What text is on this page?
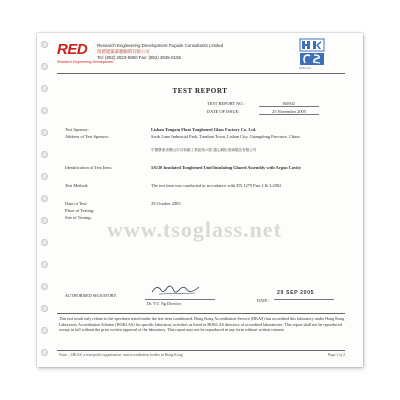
RED
Research Engineering Development
Research Engineering Development Façade Consultants Limited
瑞德建築幕牆顧問有限公司
Tel: (852) 2823-8850 Fax: (852) 2845-6155
HOKLAS
TEST REPORT
TEST REPORT NO.:	R0502
DATE OF ISSUE:	25 November 2005
Test Sponsor:	Lishan Tongxin Float Toughened Glass Factory Co. Ltd.
Address of Test Sponsor:	Sixth Lane Industrial Park, Tanshan Town, Lishan City, Guangdong Province, China.
中國廣東省鶴山市共和鎮工業區第六路 通心鋼化玻璃製品有限公司
Identification of Test Item:	5/6/20 Insulated Toughened Unit/Insulating Glazed Assembly with Argon Cavity
Test Method:	The test item was conducted in accordance with EN 1279 Part 2 & 3:2002
Date of Test:	29 October 2005
Place of Testing:
Site of Testing: www.tsoglass.net
AUTHORISED SIGNATORY:
Dr. Y.T. Ng Director
DATE:
29 SEP 2005
This test result only relates to the specimen tested under the test item conditioned. Hong Kong Accreditation Service (HKAS) has accredited this laboratory under Hong Kong Laboratory Accreditation Scheme (HOKLAS) for specific laboratory activities as listed in HOKLAS directory of accredited laboratories. This report shall not be reproduced except in full without the prior written approval of the laboratory. This report may not be reproduced in any form without written consent.
Note: – HKAS, a non-profit organisation, and accreditation bodies in Hong Kong	Page 1 of 2
